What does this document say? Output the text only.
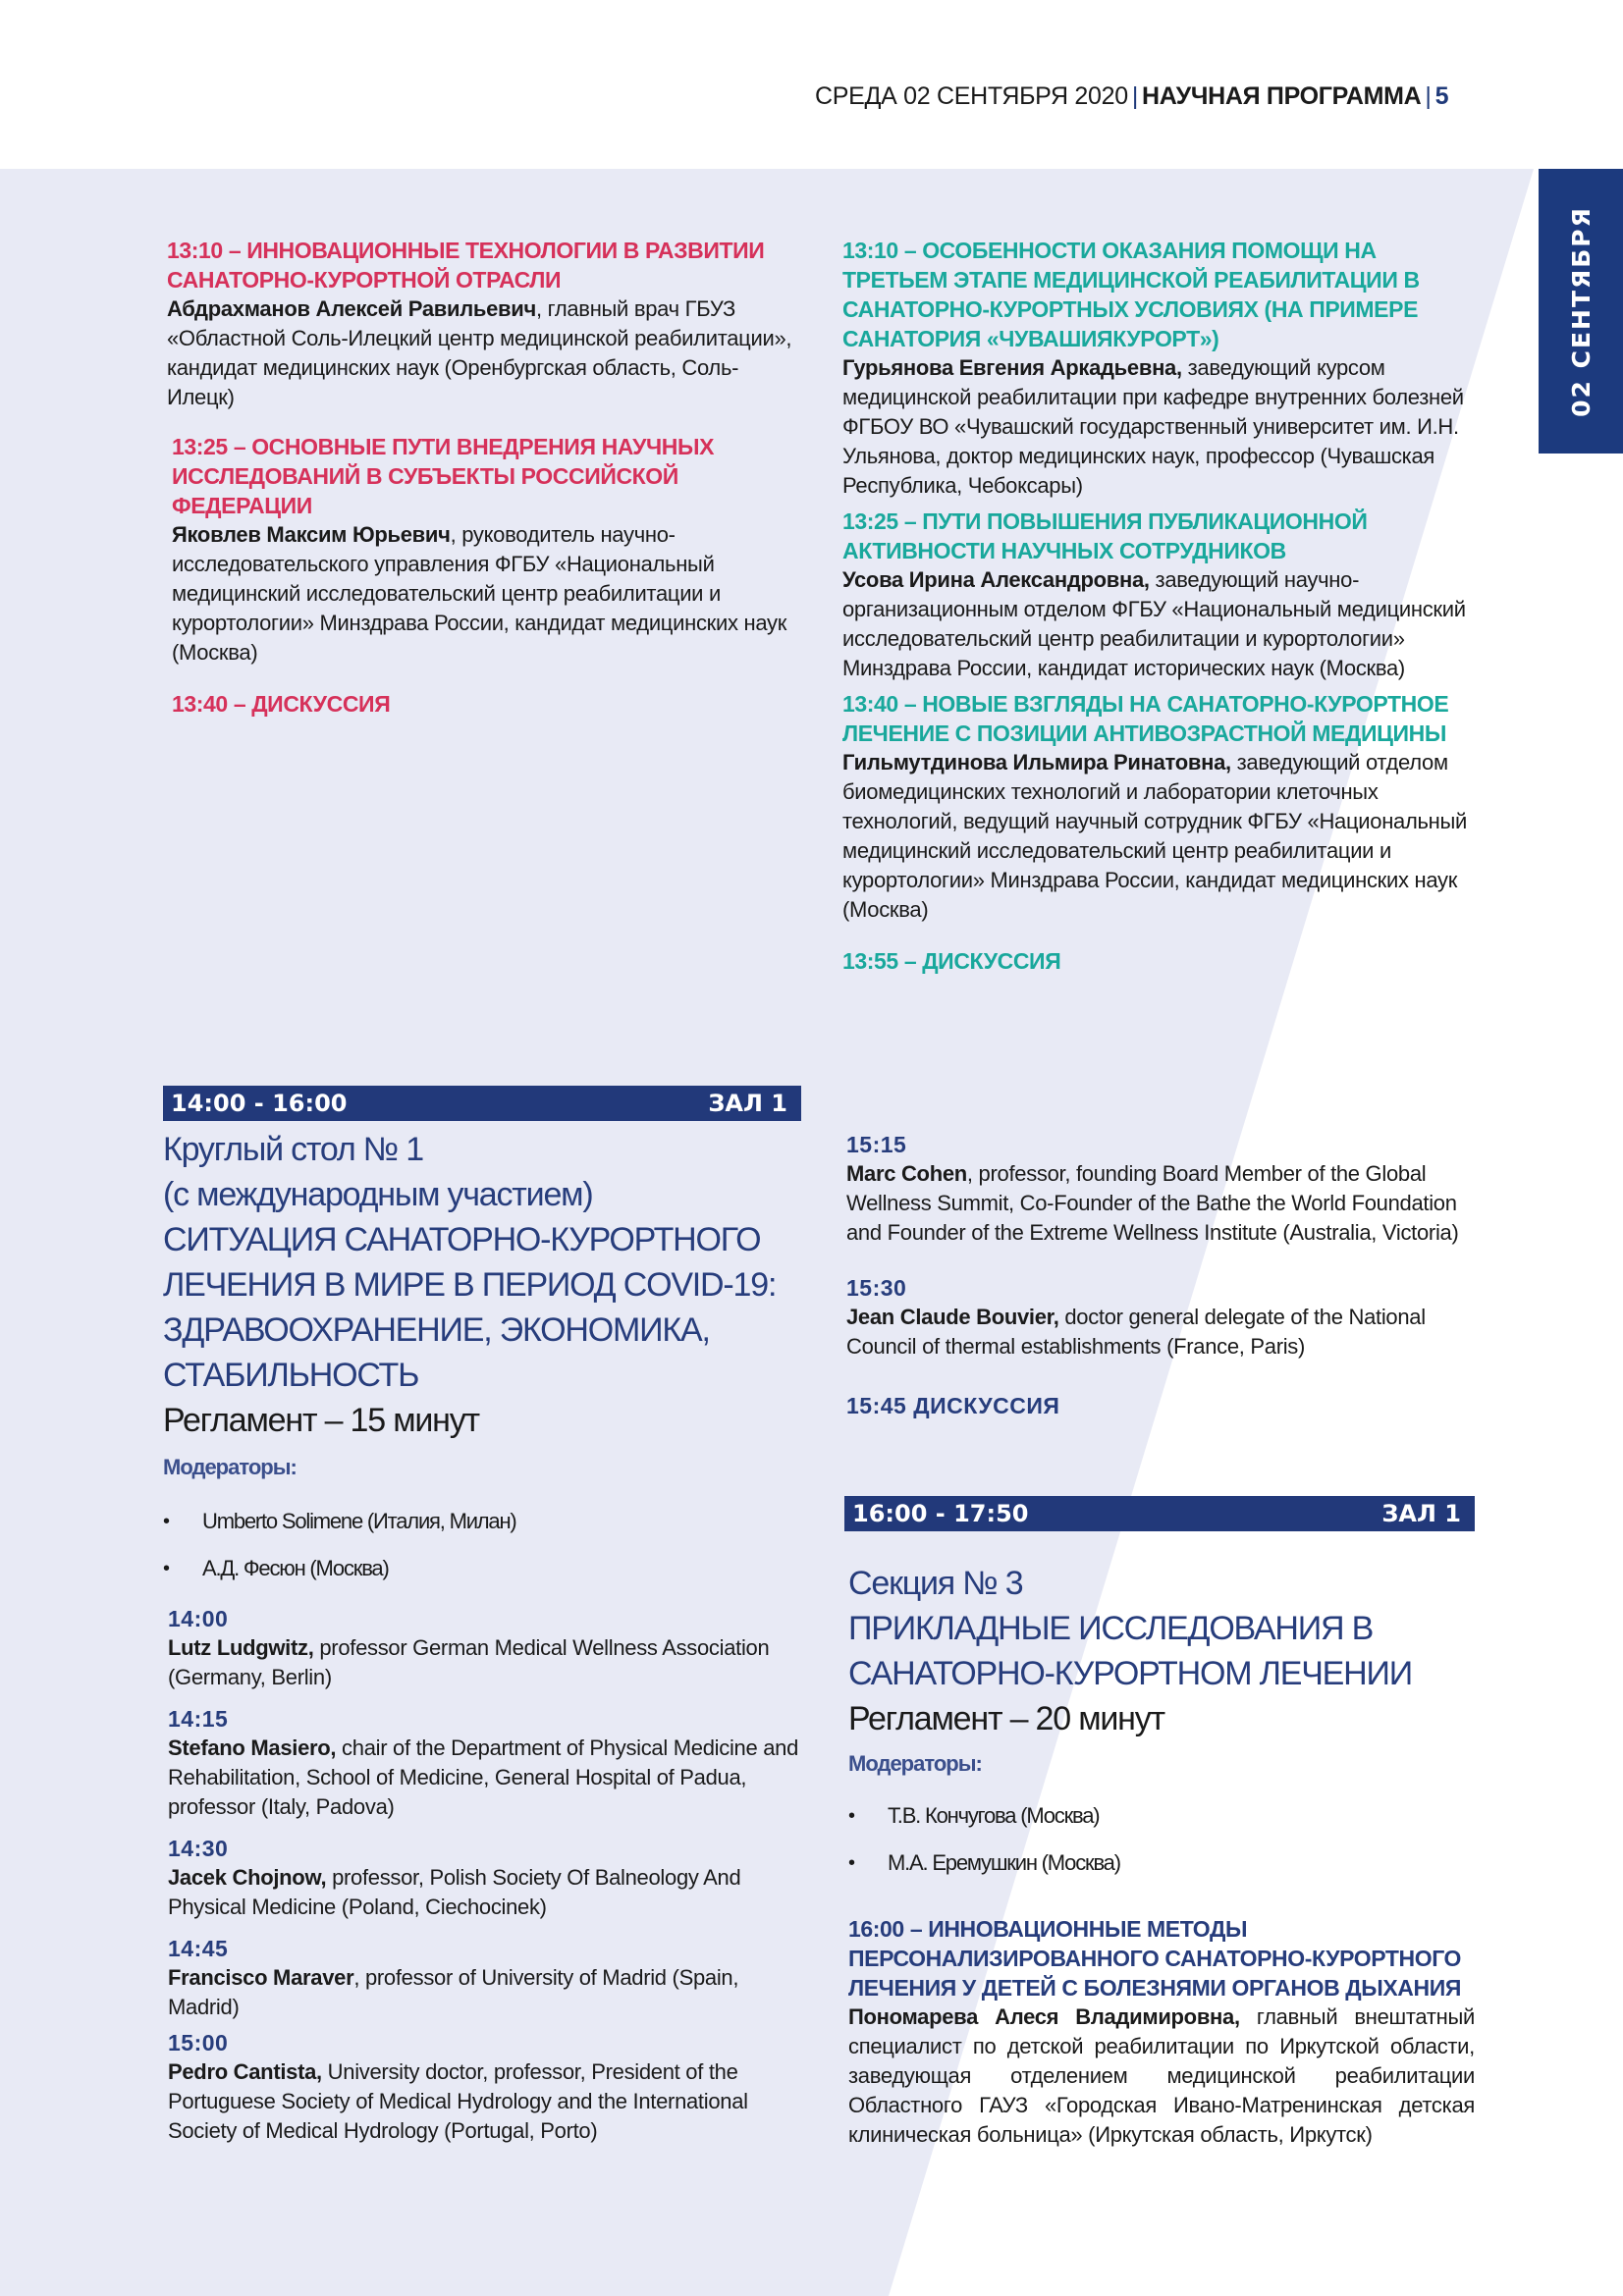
СРЕДА 02 СЕНТЯБРЯ 2020 | НАУЧНАЯ ПРОГРАММА | 5
02 СЕНТЯБРЯ
13:10 – ИННОВАЦИОННЫЕ ТЕХНОЛОГИИ В РАЗВИТИИ САНАТОРНО-КУРОРТНОЙ ОТРАСЛИ
Абдрахманов Алексей Равильевич, главный врач ГБУЗ «Областной Соль-Илецкий центр медицинской реабилитации», кандидат медицинских наук (Оренбургская область, Соль-Илецк)
13:25 – ОСНОВНЫЕ ПУТИ ВНЕДРЕНИЯ НАУЧНЫХ ИССЛЕДОВАНИЙ В СУБЪЕКТЫ РОССИЙСКОЙ ФЕДЕРАЦИИ
Яковлев Максим Юрьевич, руководитель научно-исследовательского управления ФГБУ «Национальный медицинский исследовательский центр реабилитации и курортологии» Минздрава России, кандидат медицинских наук (Москва)
13:40 – ДИСКУССИЯ
13:10 – ОСОБЕННОСТИ ОКАЗАНИЯ ПОМОЩИ НА ТРЕТЬЕМ ЭТАПЕ МЕДИЦИНСКОЙ РЕАБИЛИТАЦИИ В САНАТОРНО-КУРОРТНЫХ УСЛОВИЯХ (НА ПРИМЕРЕ САНАТОРИЯ «ЧУВАШИЯКУРОРТ»)
Гурьянова Евгения Аркадьевна, заведующий курсом медицинской реабилитации при кафедре внутренних болезней ФГБОУ ВО «Чувашский государственный университет им. И.Н. Ульянова, доктор медицинских наук, профессор (Чувашская Республика, Чебоксары)
13:25 – ПУТИ ПОВЫШЕНИЯ ПУБЛИКАЦИОННОЙ АКТИВНОСТИ НАУЧНЫХ СОТРУДНИКОВ
Усова Ирина Александровна, заведующий научно-организационным отделом ФГБУ «Национальный медицинский исследовательский центр реабилитации и курортологии» Минздрава России, кандидат исторических наук (Москва)
13:40 – НОВЫЕ ВЗГЛЯДЫ НА САНАТОРНО-КУРОРТНОЕ ЛЕЧЕНИЕ С ПОЗИЦИИ АНТИВОЗРАСТНОЙ МЕДИЦИНЫ
Гильмутдинова Ильмира Ринатовна, заведующий отделом биомедицинских технологий и лаборатории клеточных технологий, ведущий научный сотрудник ФГБУ «Национальный медицинский исследовательский центр реабилитации и курортологии» Минздрава России, кандидат медицинских наук (Москва)
13:55 – ДИСКУССИЯ
14:00 - 16:00	ЗАЛ 1
Круглый стол № 1
(с международным участием)
СИТУАЦИЯ САНАТОРНО-КУРОРТНОГО ЛЕЧЕНИЯ В МИРЕ В ПЕРИОД COVID-19: ЗДРАВООХРАНЕНИЕ, ЭКОНОМИКА, СТАБИЛЬНОСТЬ
Регламент – 15 минут
Модераторы:
•	Umberto Solimene (Италия, Милан)
•	А.Д. Фесюн (Москва)
14:00
Lutz Ludgwitz, professor German Medical Wellness Association (Germany, Berlin)
14:15
Stefano Masiero, chair of the Department of Physical Medicine and Rehabilitation, School of Medicine, General Hospital of Padua, professor (Italy, Padova)
14:30
Jacek Chojnow, professor, Polish Society Of Balneology And Physical Medicine (Poland, Ciechocinek)
14:45
Francisco Maraver, professor of University of Madrid (Spain, Madrid)
15:00
Pedro Cantista, University doctor, professor, President of the Portuguese Society of Medical Hydrology and the International Society of Medical Hydrology (Portugal, Porto)
15:15
Marc Cohen, professor, founding Board Member of the Global Wellness Summit, Co-Founder of the Bathe the World Foundation and Founder of the Extreme Wellness Institute (Australia, Victoria)
15:30
Jean Claude Bouvier, doctor general delegate of the National Council of thermal establishments (France, Paris)
15:45 ДИСКУССИЯ
16:00 - 17:50	ЗАЛ 1
Секция № 3
ПРИКЛАДНЫЕ ИССЛЕДОВАНИЯ В САНАТОРНО-КУРОРТНОМ ЛЕЧЕНИИ
Регламент – 20 минут
Модераторы:
•	Т.В. Кончугова (Москва)
•	М.А. Еремушкин (Москва)
16:00 – ИННОВАЦИОННЫЕ МЕТОДЫ ПЕРСОНАЛИЗИРОВАННОГО САНАТОРНО-КУРОРТНОГО ЛЕЧЕНИЯ У ДЕТЕЙ С БОЛЕЗНЯМИ ОРГАНОВ ДЫХАНИЯ
Пономарева Алеся Владимировна, главный внештатный специалист по детской реабилитации по Иркутской области, заведующая отделением медицинской реабилитации Областного ГАУЗ «Городская Ивано-Матренинская детская клиническая больница» (Иркутская область, Иркутск)
